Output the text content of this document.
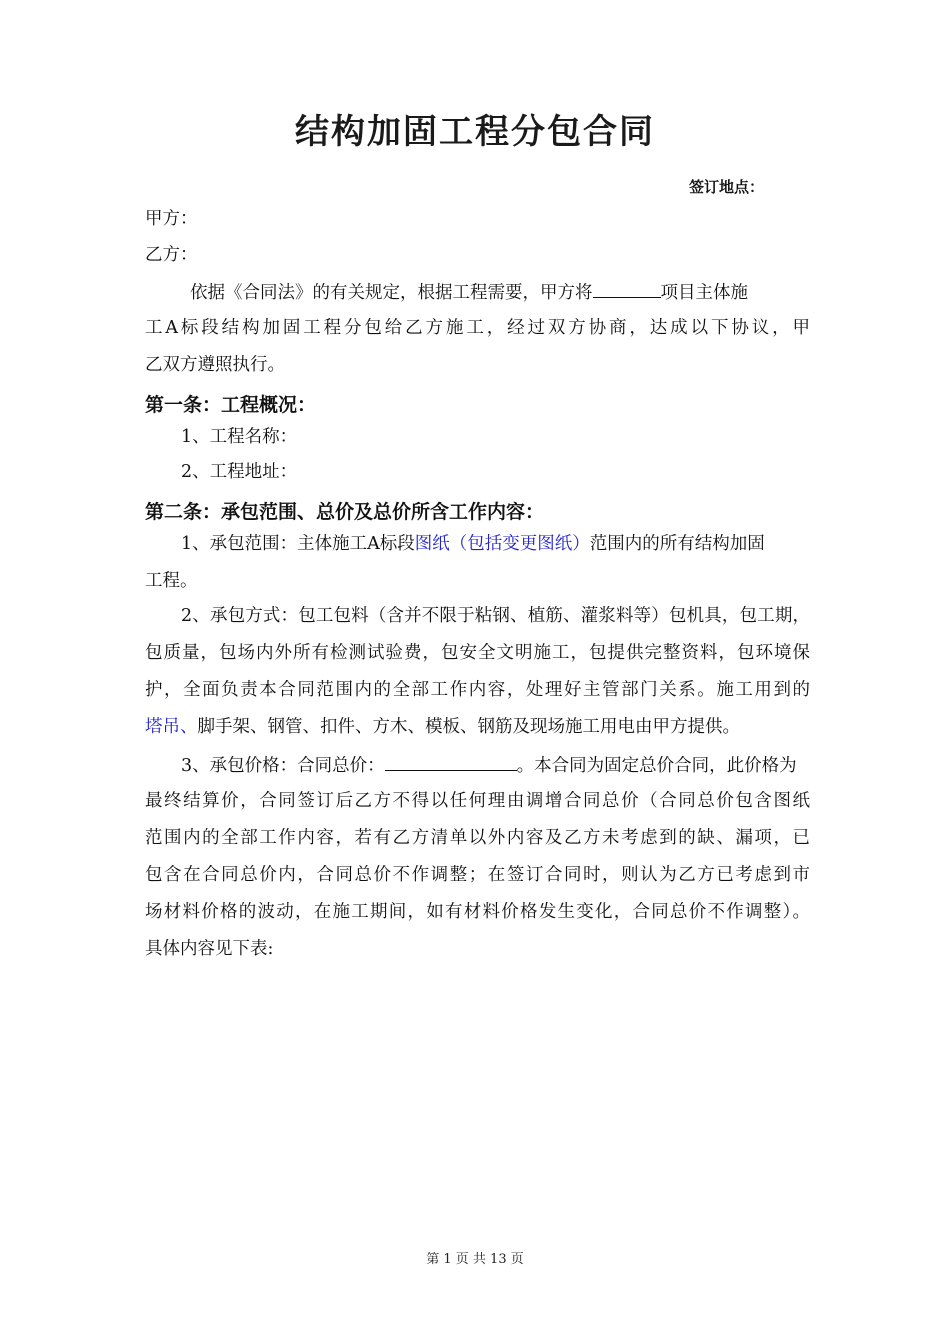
结构加固工程分包合同
签订地点：
甲方：
乙方：
依据《合同法》的有关规定，根据工程需要，甲方将	项目主体施
工A标段结构加固工程分包给乙方施工，经过双方协商，达成以下协议，甲
乙双方遵照执行。
第一条：工程概况：
1、工程名称：
2、工程地址：
第二条：承包范围、总价及总价所含工作内容：
1、承包范围：主体施工A标段图纸（包括变更图纸）范围内的所有结构加固
工程。
2、承包方式：包工包料（含并不限于粘钢、植筋、灌浆料等）包机具，包工期，
包质量，包场内外所有检测试验费，包安全文明施工，包提供完整资料，包环境保
护，全面负责本合同范围内的全部工作内容，处理好主管部门关系。施工用到的
塔吊、脚手架、钢管、扣件、方木、模板、钢筋及现场施工用电由甲方提供。
3、承包价格：合同总价：	。本合同为固定总价合同，此价格为
最终结算价，合同签订后乙方不得以任何理由调增合同总价（合同总价包含图纸
范围内的全部工作内容，若有乙方清单以外内容及乙方未考虑到的缺、漏项，已
包含在合同总价内，合同总价不作调整；在签订合同时，则认为乙方已考虑到市
场材料价格的波动，在施工期间，如有材料价格发生变化，合同总价不作调整）。
具体内容见下表:
第 1 页 共 13 页
